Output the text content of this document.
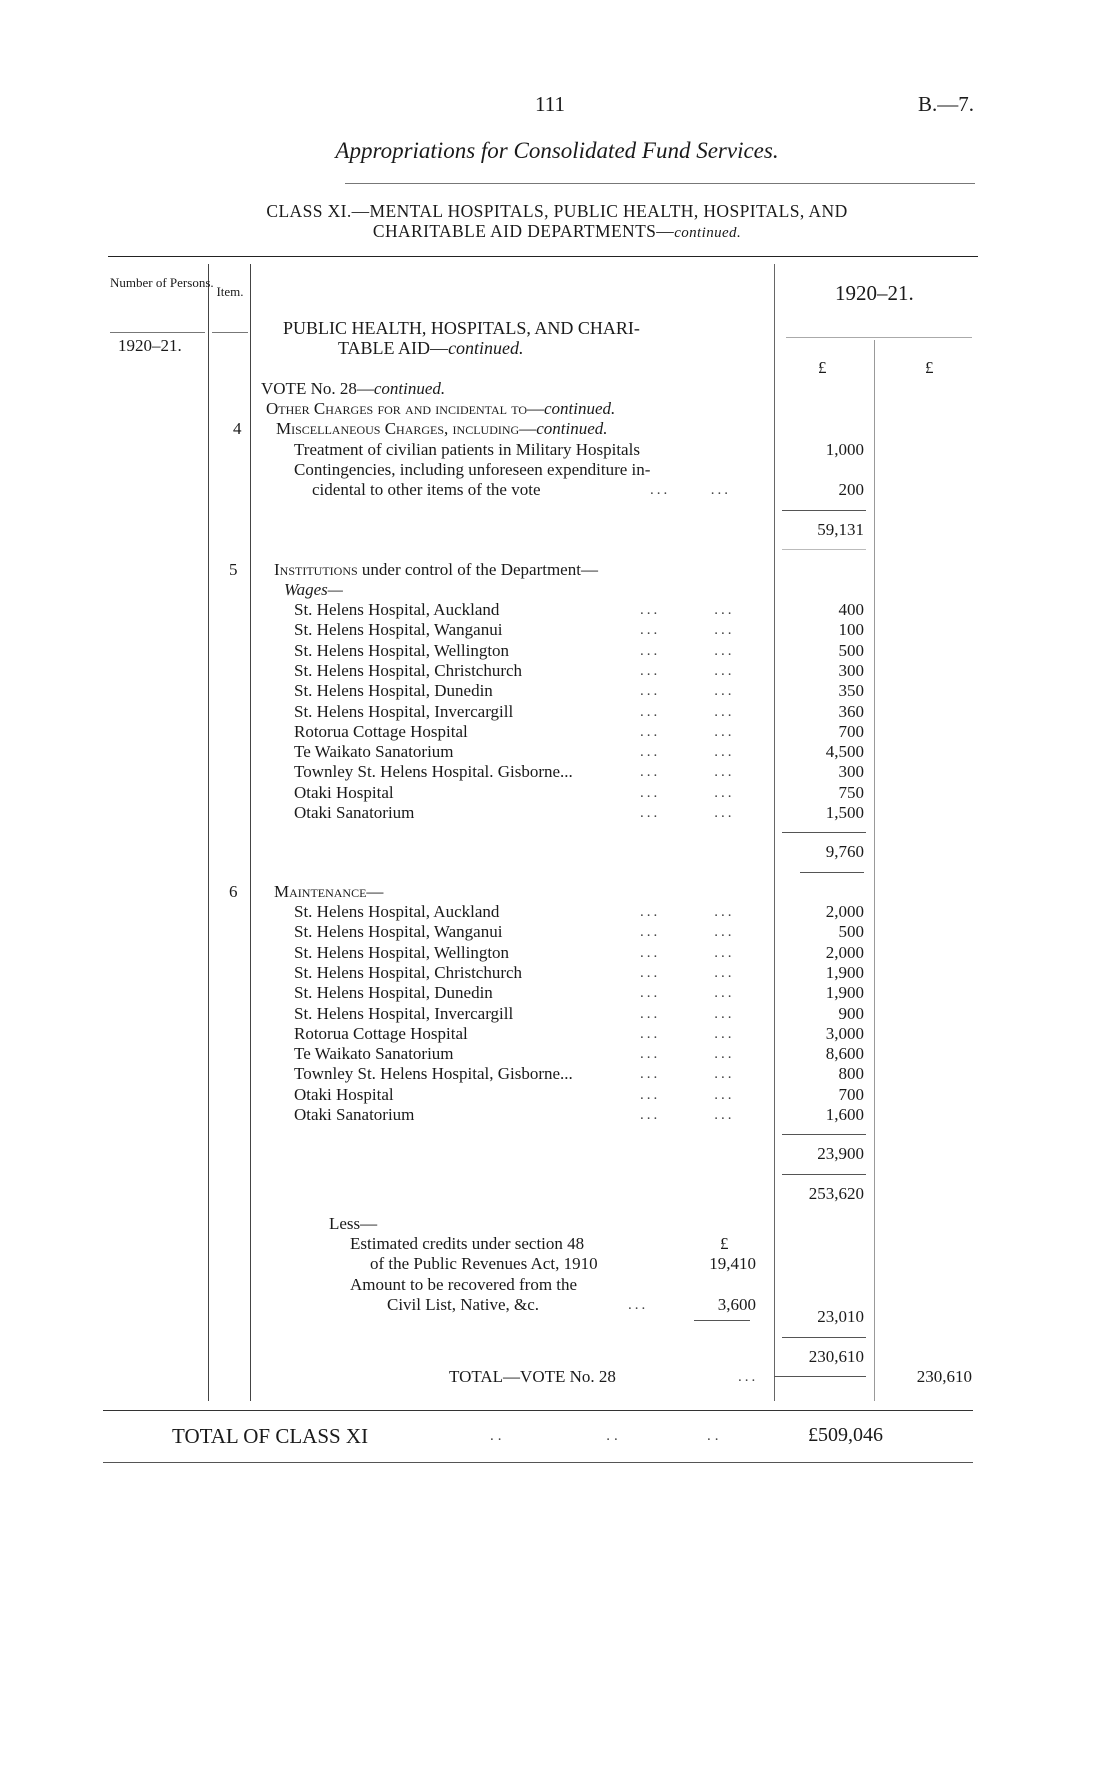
111	B.—7.
Appropriations for Consolidated Fund Services.
CLASS XI.—MENTAL HOSPITALS, PUBLIC HEALTH, HOSPITALS, AND
CHARITABLE AID DEPARTMENTS—continued.
Number of Persons.
Item.	1920–21.
1920–21.
£	£
PUBLIC HEALTH, HOSPITALS, AND CHARI-
TABLE AID—continued.
VOTE No. 28—continued.
Other Charges for and incidental to—continued.
4 Miscellaneous Charges, including—continued.
Treatment of civilian patients in Military Hospitals	1,000
Contingencies, including unforeseen expenditure in-
cidental to other items of the vote	...      ...	200
59,131
5 Institutions under control of the Department—
Wages—
St. Helens Hospital, Auckland	...        ...	400
St. Helens Hospital, Wanganui	...        ...	100
St. Helens Hospital, Wellington	...        ...	500
St. Helens Hospital, Christchurch	...        ...	300
St. Helens Hospital, Dunedin	...        ...	350
St. Helens Hospital, Invercargill	...        ...	360
Rotorua Cottage Hospital	...        ...	700
Te Waikato Sanatorium	...        ...	4,500
Townley St. Helens Hospital. Gisborne...	...        ...	300
Otaki Hospital	...        ...	750
Otaki Sanatorium	...        ...	1,500
9,760
6 Maintenance—
St. Helens Hospital, Auckland	...        ...	2,000
St. Helens Hospital, Wanganui	...        ...	500
St. Helens Hospital, Wellington	...        ...	2,000
St. Helens Hospital, Christchurch	...        ...	1,900
St. Helens Hospital, Dunedin	...        ...	1,900
St. Helens Hospital, Invercargill	...        ...	900
Rotorua Cottage Hospital	...        ...	3,000
Te Waikato Sanatorium	...        ...	8,600
Townley St. Helens Hospital, Gisborne...	...        ...	800
Otaki Hospital	...        ...	700
Otaki Sanatorium	...        ...	1,600
23,900
253,620
Less—
Estimated credits under section 48	£
of the Public Revenues Act, 1910	19,410
Amount to be recovered from the
Civil List, Native, &c.	...	3,600
23,010
230,610
TOTAL—VOTE No. 28	...	230,610
TOTAL OF CLASS XI	..             ..           ..	£509,046
